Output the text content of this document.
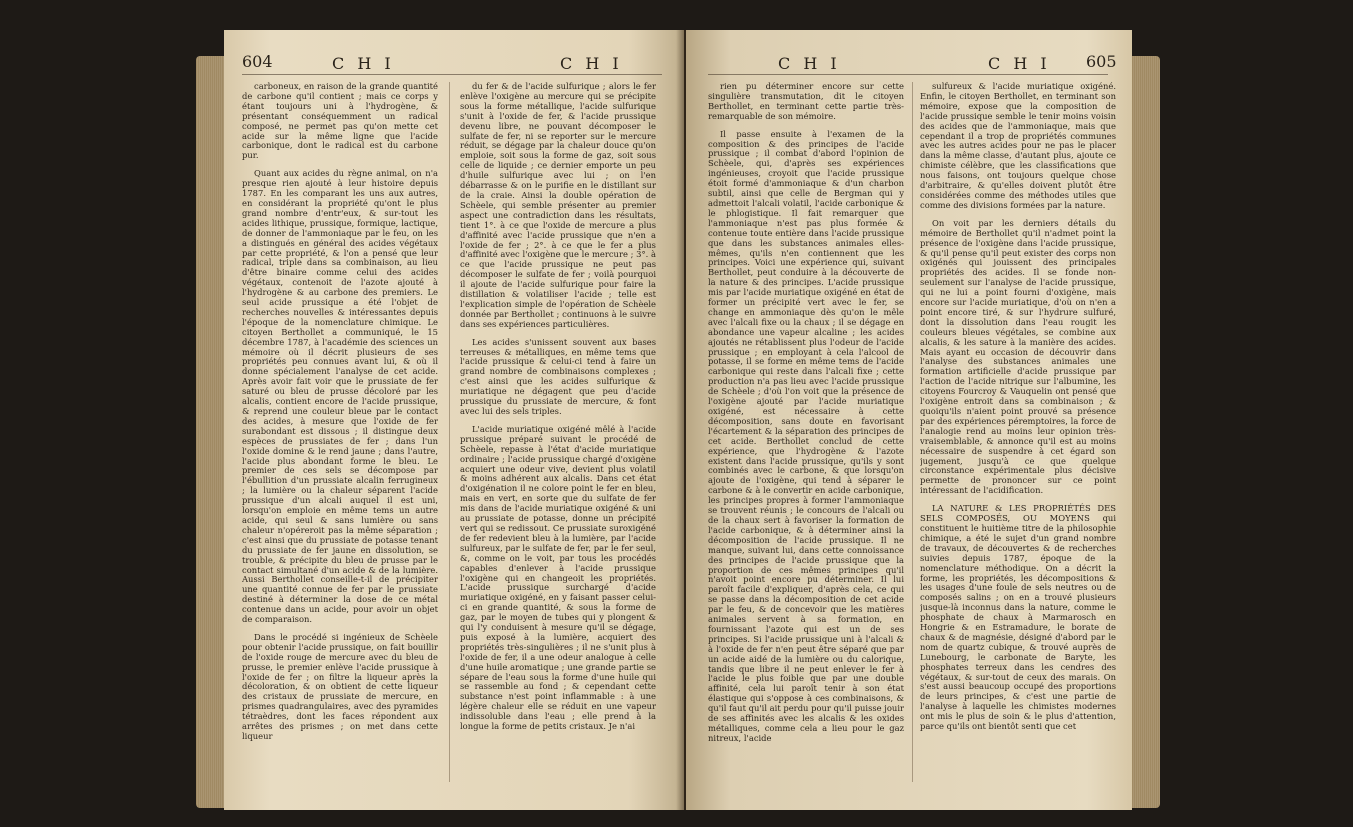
604	C H I	C H I

carboneux, en raison de la grande quantité de carbone qu'il contient ; mais ce corps y étant toujours uni à l'hydrogène, & présentant conséquemment un radical composé, ne permet pas qu'on mette cet acide sur la même ligne que l'acide carbonique, dont le radical est du carbone pur.

Quant aux acides du règne animal, on n'a presque rien ajouté à leur histoire depuis 1787. En les comparant les uns aux autres, en considérant la propriété qu'ont le plus grand nombre d'entr'eux, & sur-tout les acides lithique, prussique, formique, lactique, de donner de l'ammoniaque par le feu, on les a distingués en général des acides végétaux par cette propriété, & l'on a pensé que leur radical, triple dans sa combinaison, au lieu d'être binaire comme celui des acides végétaux, contenoit de l'azote ajouté à l'hydrogène & au carbone des premiers. Le seul acide prussique a été l'objet de recherches nouvelles & intéressantes depuis l'époque de la nomenclature chimique. Le citoyen Berthollet a communiqué, le 15 décembre 1787, à l'académie des sciences un mémoire où il décrit plusieurs de ses propriétés peu connues avant lui, & où il donne spécialement l'analyse de cet acide. Après avoir fait voir que le prussiate de fer saturé ou bleu de prusse décoloré par les alcalis, contient encore de l'acide prussique, & reprend une couleur bleue par le contact des acides, à mesure que l'oxide de fer surabondant est dissous ; il distingue deux espèces de prussiates de fer ; dans l'un l'oxide domine & le rend jaune ; dans l'autre, l'acide plus abondant forme le bleu. Le premier de ces sels se décompose par l'ébullition d'un prussiate alcalin ferrugineux ; la lumière ou la chaleur séparent l'acide prussique d'un alcali auquel il est uni, lorsqu'on emploie en même tems un autre acide, qui seul & sans lumière ou sans chaleur n'opéreroit pas la même séparation ; c'est ainsi que du prussiate de potasse tenant du prussiate de fer jaune en dissolution, se trouble, & précipite du bleu de prusse par le contact simultané d'un acide & de la lumière. Aussi Berthollet conseille-t-il de précipiter une quantité connue de fer par le prussiate destiné à déterminer la dose de ce métal contenue dans un acide, pour avoir un objet de comparaison.

Dans le procédé si ingénieux de Schèele pour obtenir l'acide prussique, on fait bouillir de l'oxide rouge de mercure avec du bleu de prusse, le premier enlève l'acide prussique à l'oxide de fer ; on filtre la liqueur après la décoloration, & on obtient de cette liqueur des cristaux de prussiate de mercure, en prismes quadrangulaires, avec des pyramides tétraèdres, dont les faces répondent aux arrêtes des prismes ; on met dans cette liqueur

du fer & de l'acide sulfurique ; alors le fer enlève l'oxigène au mercure qui se précipite sous la forme métallique, l'acide sulfurique s'unit à l'oxide de fer, & l'acide prussique devenu libre, ne pouvant décomposer le sulfate de fer, ni se reporter sur le mercure réduit, se dégage par la chaleur douce qu'on emploie, soit sous la forme de gaz, soit sous celle de liquide ; ce dernier emporte un peu d'huile sulfurique avec lui ; on l'en débarrasse & on le purifie en le distillant sur de la craie. Ainsi la double opération de Schèele, qui semble présenter au premier aspect une contradiction dans les résultats, tient 1°. à ce que l'oxide de mercure a plus d'affinité avec l'acide prussique que n'en a l'oxide de fer ; 2°. à ce que le fer a plus d'affinité avec l'oxigène que le mercure ; 3°. à ce que l'acide prussique ne peut pas décomposer le sulfate de fer ; voilà pourquoi il ajoute de l'acide sulfurique pour faire la distillation & volatiliser l'acide ; telle est l'explication simple de l'opération de Schèele donnée par Berthollet ; continuons à le suivre dans ses expériences particulières.

Les acides s'unissent souvent aux bases terreuses & métalliques, en même tems que l'acide prussique & celui-ci tend à faire un grand nombre de combinaisons complexes ; c'est ainsi que les acides sulfurique & muriatique ne dégagent que peu d'acide prussique du prussiate de mercure, & font avec lui des sels triples.

L'acide muriatique oxigéné mêlé à l'acide prussique préparé suivant le procédé de Schèele, repasse à l'état d'acide muriatique ordinaire ; l'acide prussique chargé d'oxigène acquiert une odeur vive, devient plus volatil & moins adhérent aux alcalis. Dans cet état d'oxigénation il ne colore point le fer en bleu, mais en vert, en sorte que du sulfate de fer mis dans de l'acide muriatique oxigéné & uni au prussiate de potasse, donne un précipité vert qui se redissout. Ce prussiate suroxigéné de fer redevient bleu à la lumière, par l'acide sulfureux, par le sulfate de fer, par le fer seul, &, comme on le voit, par tous les procédés capables d'enlever à l'acide prussique l'oxigène qui en changeoit les propriétés. L'acide prussique surchargé d'acide muriatique oxigéné, en y faisant passer celui-ci en grande quantité, & sous la forme de gaz, par le moyen de tubes qui y plongent & qui l'y conduisent à mesure qu'il se dégage, puis exposé à la lumière, acquiert des propriétés très-singulières ; il ne s'unit plus à l'oxide de fer, il a une odeur analogue à celle d'une huile aromatique ; une grande partie se sépare de l'eau sous la forme d'une huile qui se rassemble au fond ; & cependant cette substance n'est point inflammable : à une légère chaleur elle se réduit en une vapeur indissoluble dans l'eau ; elle prend à la longue la forme de petits cristaux. Je n'ai

C H I	C H I 605

rien pu déterminer encore sur cette singulière transmutation, dit le citoyen Berthollet, en terminant cette partie très-remarquable de son mémoire.

Il passe ensuite à l'examen de la composition & des principes de l'acide prussique ; il combat d'abord l'opinion de Schèele, qui, d'après ses expériences ingénieuses, croyoit que l'acide prussique étoit formé d'ammoniaque & d'un charbon subtil, ainsi que celle de Bergman qui y admettoit l'alcali volatil, l'acide carbonique & le phlogistique. Il fait remarquer que l'ammoniaque n'est pas plus formée & contenue toute entière dans l'acide prussique que dans les substances animales elles-mêmes, qu'ils n'en contiennent que les principes. Voici une expérience qui, suivant Berthollet, peut conduire à la découverte de la nature & des principes. L'acide prussique mis par l'acide muriatique oxigéné en état de former un précipité vert avec le fer, se change en ammoniaque dès qu'on le mêle avec l'alcali fixe ou la chaux ; il se dégage en abondance une vapeur alcaline ; les acides ajoutés ne rétablissent plus l'odeur de l'acide prussique ; en employant à cela l'alcool de potasse, il se forme en même tems de l'acide carbonique qui reste dans l'alcali fixe ; cette production n'a pas lieu avec l'acide prussique de Schèele ; d'où l'on voit que la présence de l'oxigène ajouté par l'acide muriatique oxigéné, est nécessaire à cette décomposition, sans doute en favorisant l'écartement & la séparation des principes de cet acide. Berthollet conclud de cette expérience, que l'hydrogène & l'azote existent dans l'acide prussique, qu'ils y sont combinés avec le carbone, & que lorsqu'on ajoute de l'oxigène, qui tend à séparer le carbone & à le convertir en acide carbonique, les principes propres à former l'ammoniaque se trouvent réunis ; le concours de l'alcali ou de la chaux sert à favoriser la formation de l'acide carbonique, & à déterminer ainsi la décomposition de l'acide prussique. Il ne manque, suivant lui, dans cette connoissance des principes de l'acide prussique que la proportion de ces mêmes principes qu'il n'avoit point encore pu déterminer. Il lui paroît facile d'expliquer, d'après cela, ce qui se passe dans la décomposition de cet acide par le feu, & de concevoir que les matières animales servent à sa formation, en fournissant l'azote qui est un de ses principes. Si l'acide prussique uni à l'alcali & à l'oxide de fer n'en peut être séparé que par un acide aidé de la lumière ou du calorique, tandis que libre il ne peut enlever le fer à l'acide le plus foible que par une double affinité, cela lui paroît tenir à son état élastique qui s'oppose à ces combinaisons, & qu'il faut qu'il ait perdu pour qu'il puisse jouir de ses affinités avec les alcalis & les oxides métalliques, comme cela a lieu pour le gaz nitreux, l'acide

sulfureux & l'acide muriatique oxigéné. Enfin, le citoyen Berthollet, en terminant son mémoire, expose que la composition de l'acide prussique semble le tenir moins voisin des acides que de l'ammoniaque, mais que cependant il a trop de propriétés communes avec les autres acides pour ne pas le placer dans la même classe, d'autant plus, ajoute ce chimiste célèbre, que les classifications que nous faisons, ont toujours quelque chose d'arbitraire, & qu'elles doivent plutôt être considérées comme des méthodes utiles que comme des divisions formées par la nature.

On voit par les derniers détails du mémoire de Berthollet qu'il n'admet point la présence de l'oxigène dans l'acide prussique, & qu'il pense qu'il peut exister des corps non oxigénés qui jouissent des principales propriétés des acides. Il se fonde non-seulement sur l'analyse de l'acide prussique, qui ne lui a point fourni d'oxigène, mais encore sur l'acide muriatique, d'où on n'en a point encore tiré, & sur l'hydrure sulfuré, dont la dissolution dans l'eau rougit les couleurs bleues végétales, se combine aux alcalis, & les sature à la manière des acides. Mais ayant eu occasion de découvrir dans l'analyse des substances animales une formation artificielle d'acide prussique par l'action de l'acide nitrique sur l'albumine, les citoyens Fourcroy & Vauquelin ont pensé que l'oxigène entroit dans sa combinaison ; & quoiqu'ils n'aient point prouvé sa présence par des expériences péremptoires, la force de l'analogie rend au moins leur opinion très-vraisemblable, & annonce qu'il est au moins nécessaire de suspendre à cet égard son jugement, jusqu'à ce que quelque circonstance expérimentale plus décisive permette de prononcer sur ce point intéressant de l'acidification.

LA NATURE & LES PROPRIÉTÉS DES SELS COMPOSÉS, OU MOYENS qui constituent le huitième titre de la philosophie chimique, a été le sujet d'un grand nombre de travaux, de découvertes & de recherches suivies depuis 1787, époque de la nomenclature méthodique. On a décrit la forme, les propriétés, les décompositions & les usages d'une foule de sels neutres ou de composés salins ; on en a trouvé plusieurs jusque-là inconnus dans la nature, comme le phosphate de chaux à Marmarosch en Hongrie & en Estramadure, le borate de chaux & de magnésie, désigné d'abord par le nom de quartz cubique, & trouvé auprès de Lunebourg, le carbonate de Baryte, les phosphates terreux dans les cendres des végétaux, & sur-tout de ceux des marais. On s'est aussi beaucoup occupé des proportions de leurs principes, & c'est une partie de l'analyse à laquelle les chimistes modernes ont mis le plus de soin & le plus d'attention, parce qu'ils ont bientôt senti que cet
